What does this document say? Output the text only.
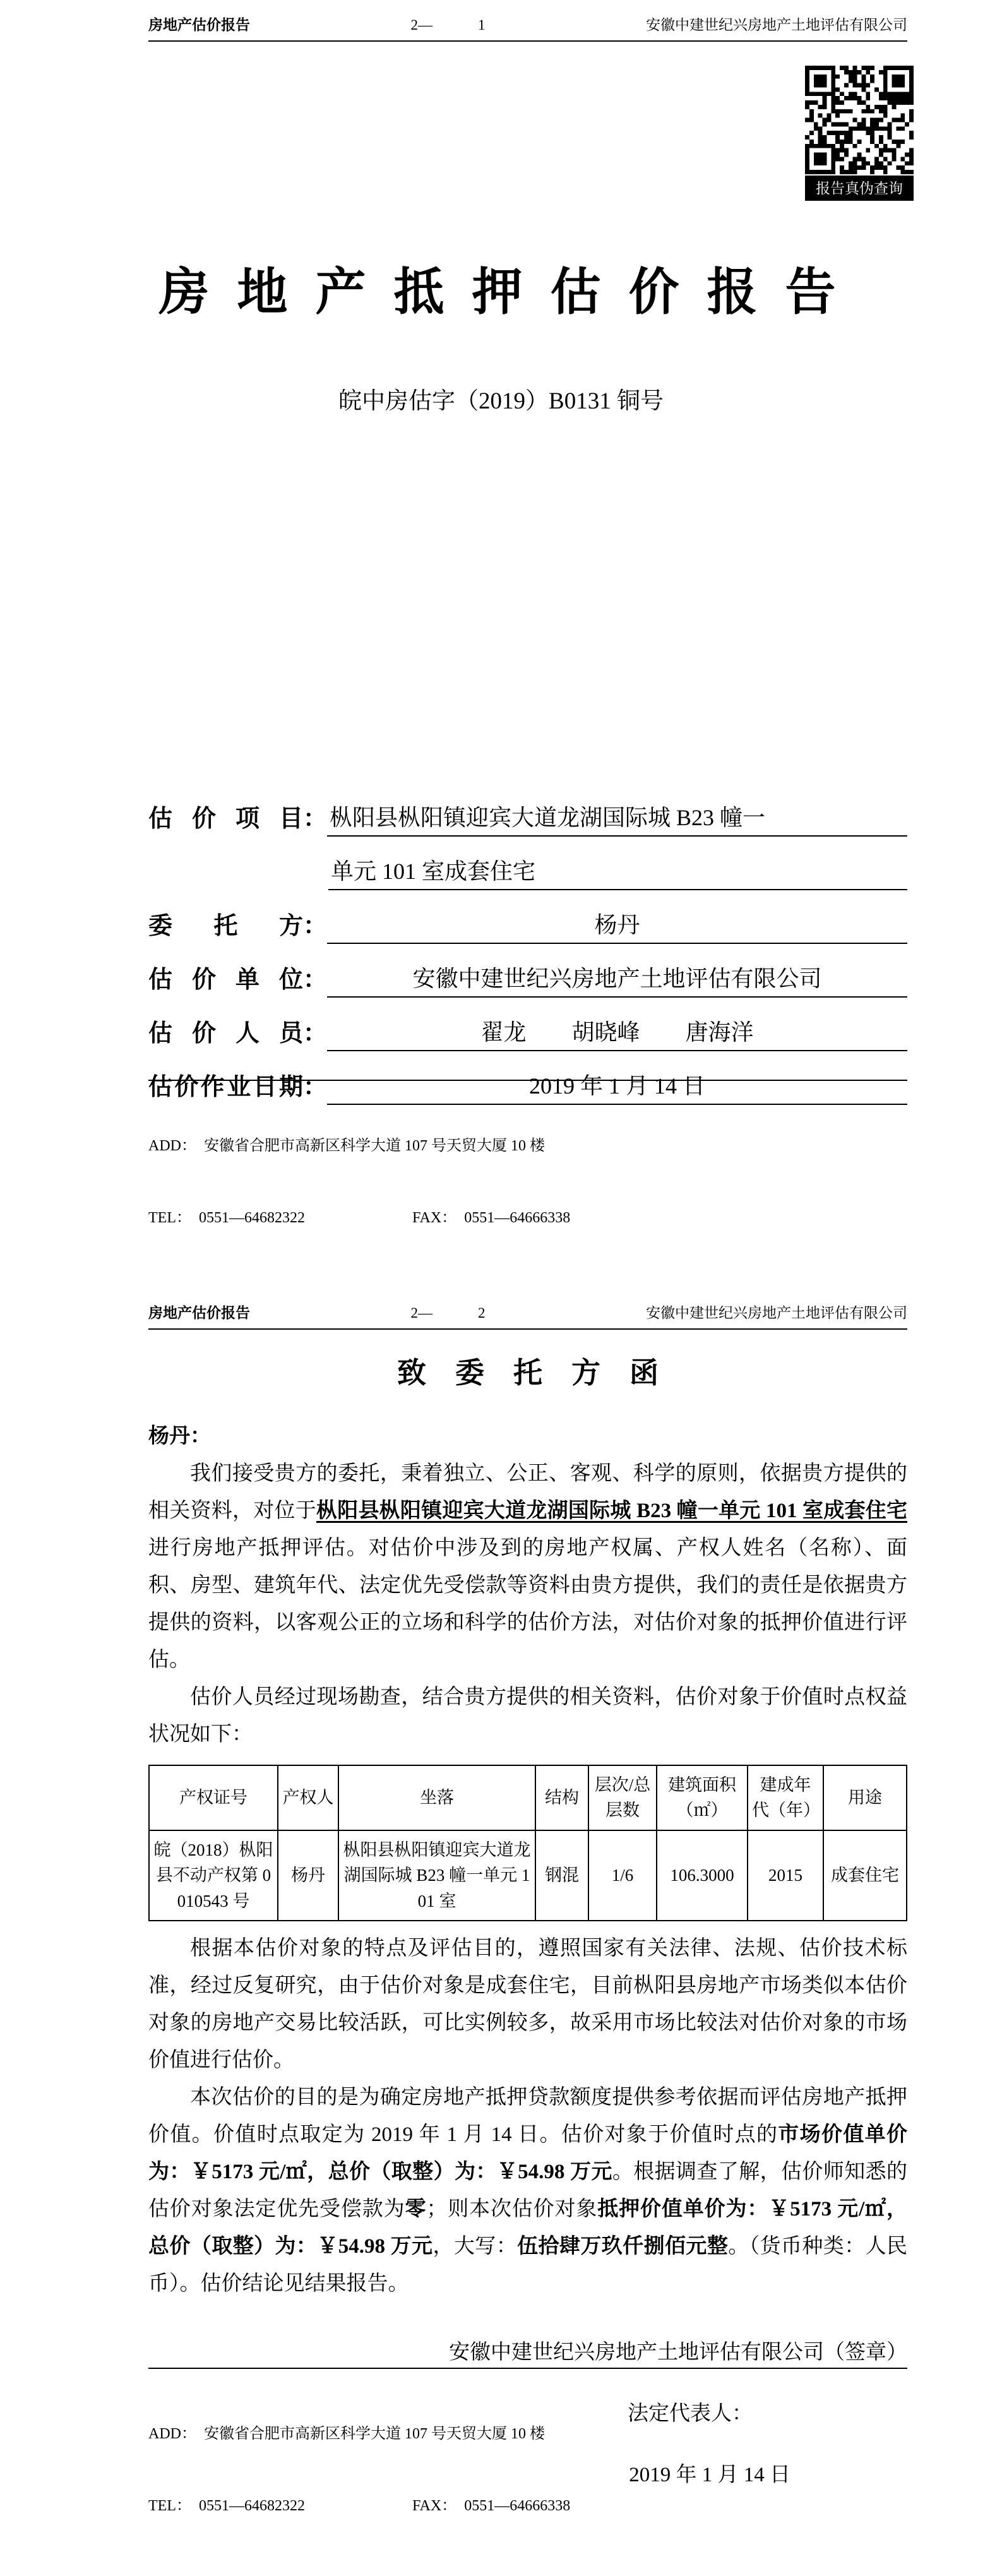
房地产估价报告	2—	1	安徽中建世纪兴房地产土地评估有限公司
报告真伪查询
房 地 产 抵 押 估 价 报 告
皖中房估字（2019）B0131 铜号
估价项目 ： 枞阳县枞阳镇迎宾大道龙湖国际城 B23 幢一
单元 101 室成套住宅
委托方 ：	杨丹
估价单位 ：	安徽中建世纪兴房地产土地评估有限公司
估价人员 ：	翟龙　　胡晓峰　　唐海洋
估价作业日期 ：	2019 年 1 月 14 日

ADD：  安徽省合肥市高新区科学大道 107 号天贸大厦 10 楼

TEL：  0551—64682322	FAX：  0551—64666338

房地产估价报告	2—	2	安徽中建世纪兴房地产土地评估有限公司
致　委　托　方　函

杨丹：

我们接受贵方的委托，秉着独立、公正、客观、科学的原则，依据贵方提供的相关资料，对位于枞阳县枞阳镇迎宾大道龙湖国际城 B23 幢一单元 101 室成套住宅进行房地产抵押评估。对估价中涉及到的房地产权属、产权人姓名（名称）、面积、房型、建筑年代、法定优先受偿款等资料由贵方提供，我们的责任是依据贵方提供的资料，以客观公正的立场和科学的估价方法，对估价对象的抵押价值进行评估。

估价人员经过现场勘查，结合贵方提供的相关资料，估价对象于价值时点权益状况如下：

产权证号	产权人	坐落	结构	层次/总层数	建筑面积（㎡）	建成年代（年）	用途
皖（2018）枞阳县不动产权第 0010543 号	杨丹	枞阳县枞阳镇迎宾大道龙湖国际城 B23 幢一单元 101 室	钢混	1/6	106.3000	2015	成套住宅

根据本估价对象的特点及评估目的，遵照国家有关法律、法规、估价技术标准，经过反复研究，由于估价对象是成套住宅，目前枞阳县房地产市场类似本估价对象的房地产交易比较活跃，可比实例较多，故采用市场比较法对估价对象的市场价值进行估价。

本次估价的目的是为确定房地产抵押贷款额度提供参考依据而评估房地产抵押价值。价值时点取定为 2019 年 1 月 14 日。估价对象于价值时点的市场价值单价为：￥5173 元/㎡，总价（取整）为：￥54.98 万元。根据调查了解，估价师知悉的估价对象法定优先受偿款为零；则本次估价对象抵押价值单价为：￥5173 元/㎡，总价（取整）为：￥54.98 万元，大写：伍拾肆万玖仟捌佰元整。（货币种类：人民币）。估价结论见结果报告。

安徽中建世纪兴房地产土地评估有限公司（签章）
法定代表人：
2019 年 1 月 14 日

ADD：  安徽省合肥市高新区科学大道 107 号天贸大厦 10 楼

TEL：  0551—64682322	FAX：  0551—64666338
